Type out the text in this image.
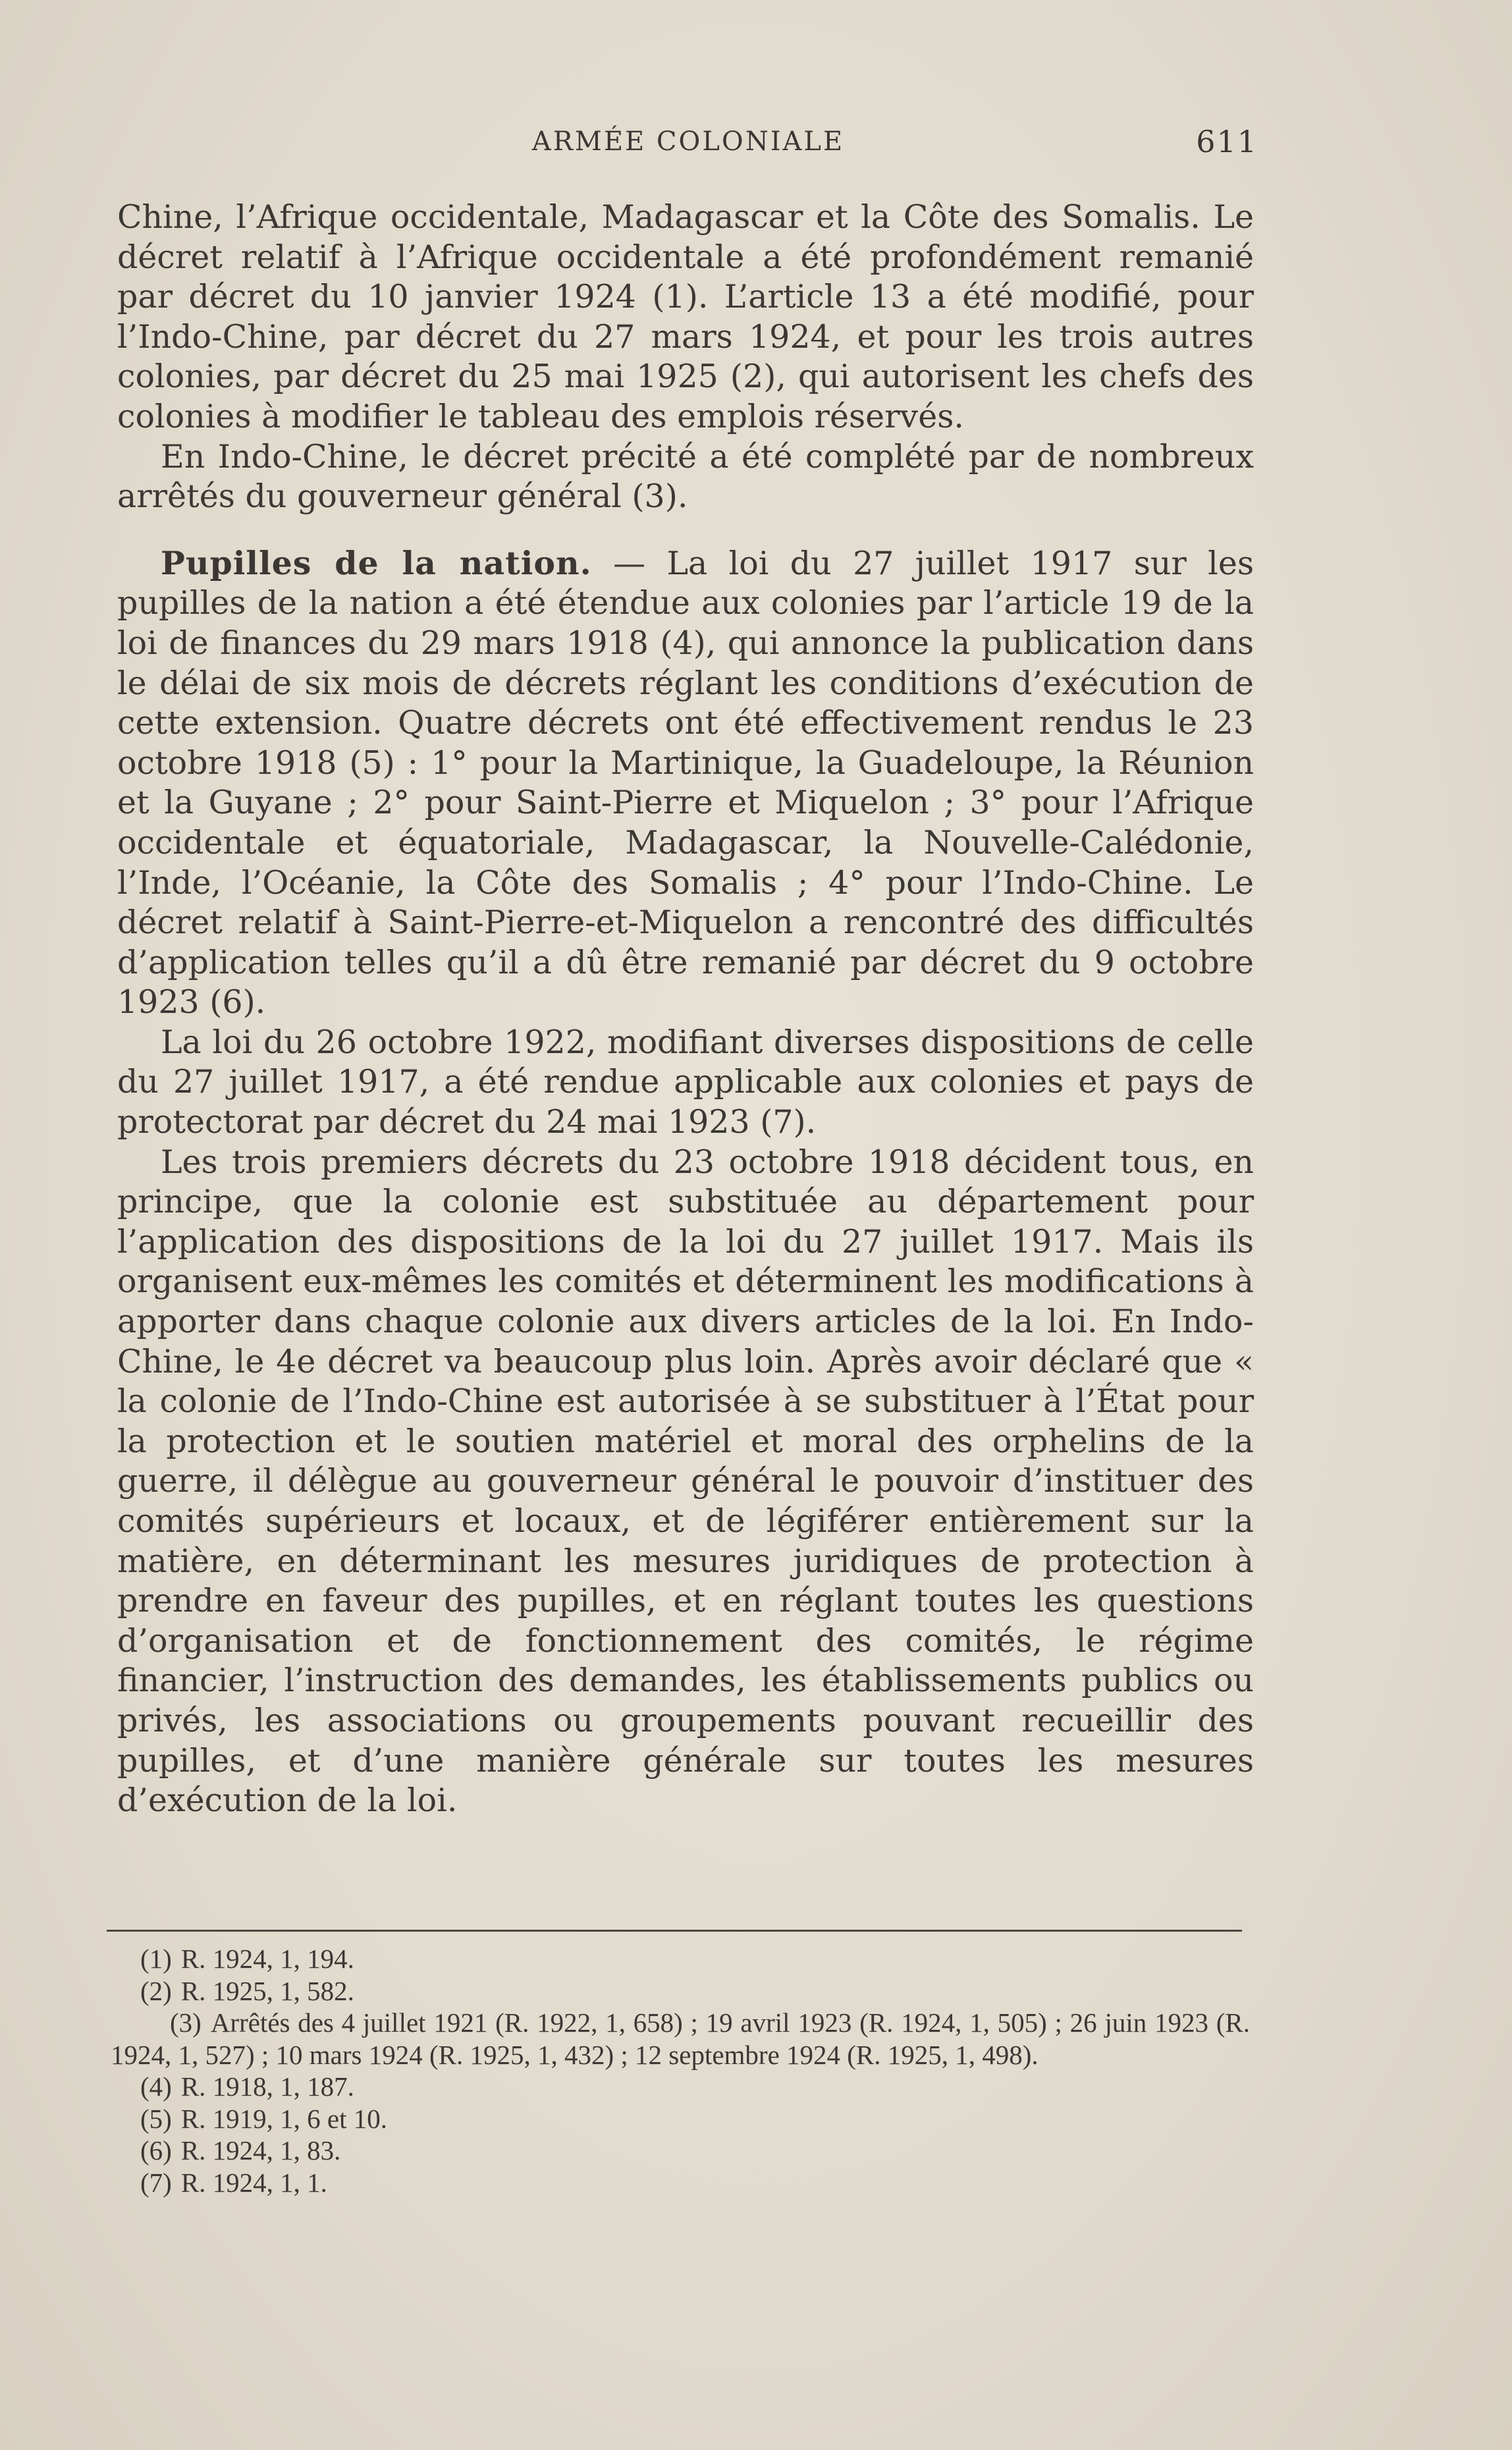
ARMÉE COLONIALE	611

Chine, l’Afrique occidentale, Madagascar et la Côte des Somalis. Le décret relatif à l’Afrique occidentale a été profondément remanié par décret du 10 janvier 1924 (1). L’article 13 a été modifié, pour l’Indo-Chine, par décret du 27 mars 1924, et pour les trois autres colonies, par décret du 25 mai 1925 (2), qui autorisent les chefs des colonies à modifier le tableau des emplois réservés.

En Indo-Chine, le décret précité a été complété par de nombreux arrêtés du gouverneur général (3).

Pupilles de la nation. — La loi du 27 juillet 1917 sur les pupilles de la nation a été étendue aux colonies par l’article 19 de la loi de finances du 29 mars 1918 (4), qui annonce la publication dans le délai de six mois de décrets réglant les conditions d’exécution de cette extension. Quatre décrets ont été effectivement rendus le 23 octobre 1918 (5) : 1° pour la Martinique, la Guadeloupe, la Réunion et la Guyane ; 2° pour Saint-Pierre et Miquelon ; 3° pour l’Afrique occidentale et équatoriale, Madagascar, la Nouvelle-Calédonie, l’Inde, l’Océanie, la Côte des Somalis ; 4° pour l’Indo-Chine. Le décret relatif à Saint-Pierre-et-Miquelon a rencontré des difficultés d’application telles qu’il a dû être remanié par décret du 9 octobre 1923 (6).

La loi du 26 octobre 1922, modifiant diverses dispositions de celle du 27 juillet 1917, a été rendue applicable aux colonies et pays de protectorat par décret du 24 mai 1923 (7).

Les trois premiers décrets du 23 octobre 1918 décident tous, en principe, que la colonie est substituée au département pour l’application des dispositions de la loi du 27 juillet 1917. Mais ils organisent eux-mêmes les comités et déterminent les modifications à apporter dans chaque colonie aux divers articles de la loi. En Indo-Chine, le 4e décret va beaucoup plus loin. Après avoir déclaré que « la colonie de l’Indo-Chine est autorisée à se substituer à l’État pour la protection et le soutien matériel et moral des orphelins de la guerre, il délègue au gouverneur général le pouvoir d’instituer des comités supérieurs et locaux, et de légiférer entièrement sur la matière, en déterminant les mesures juridiques de protection à prendre en faveur des pupilles, et en réglant toutes les questions d’organisation et de fonctionnement des comités, le régime financier, l’instruction des demandes, les établissements publics ou privés, les associations ou groupements pouvant recueillir des pupilles, et d’une manière générale sur toutes les mesures d’exécution de la loi.

(1) R. 1924, 1, 194.

(2) R. 1925, 1, 582.

(3) Arrêtés des 4 juillet 1921 (R. 1922, 1, 658) ; 19 avril 1923 (R. 1924, 1, 505) ; 26 juin 1923 (R. 1924, 1, 527) ; 10 mars 1924 (R. 1925, 1, 432) ; 12 septembre 1924 (R. 1925, 1, 498).

(4) R. 1918, 1, 187.

(5) R. 1919, 1, 6 et 10.

(6) R. 1924, 1, 83.

(7) R. 1924, 1, 1.
